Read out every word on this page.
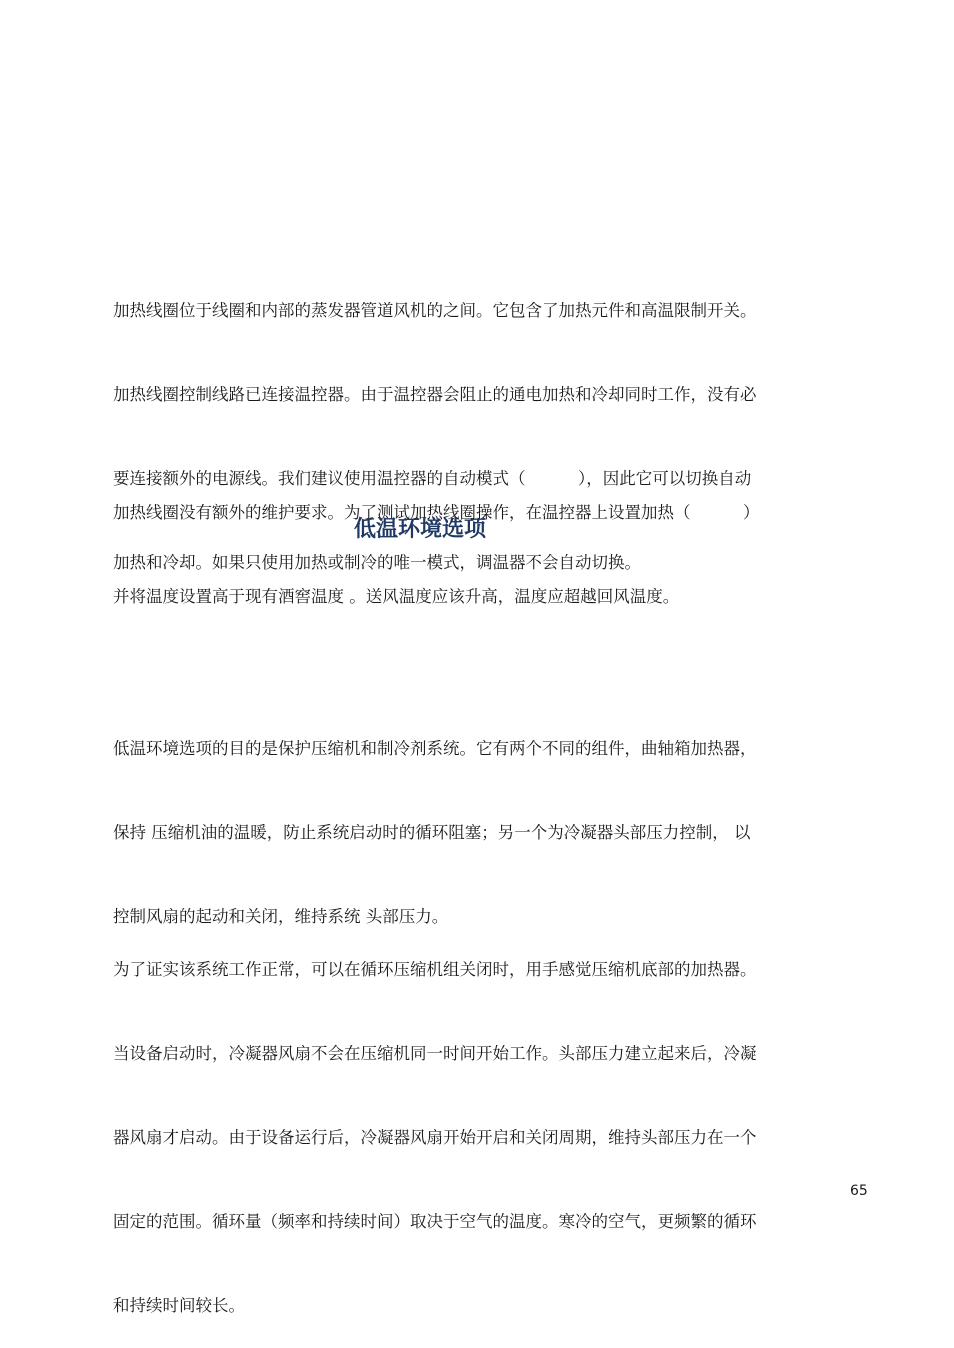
加热线圈位于线圈和内部的蒸发器管道风机的之间。它包含了加热元件和高温限制开关。

加热线圈控制线路已连接温控器。由于温控器会阻止的通电加热和冷却同时工作，没有必

要连接额外的电源线。我们建议使用温控器的自动模式（          ），因此它可以切换自动

加热和冷却。如果只使用加热或制冷的唯一模式，调温器不会自动切换。

加热线圈没有额外的维护要求。为了测试加热线圈操作，在温控器上设置加热（          ）

并将温度设置高于现有酒窖温度 。送风温度应该升高，温度应超越回风温度。

低温环境选项

低温环境选项的目的是保护压缩机和制冷剂系统。它有两个不同的组件，曲轴箱加热器，

保持 压缩机油的温暖，防止系统启动时的循环阻塞；另一个为冷凝器头部压力控制， 以

控制风扇的起动和关闭，维持系统 头部压力。

为了证实该系统工作正常，可以在循环压缩机组关闭时，用手感觉压缩机底部的加热器。

当设备启动时，冷凝器风扇不会在压缩机同一时间开始工作。头部压力建立起来后，冷凝

器风扇才启动。由于设备运行后，冷凝器风扇开始开启和关闭周期，维持头部压力在一个

固定的范围。循环量（频率和持续时间）取决于空气的温度。寒冷的空气，更频繁的循环

和持续时间较长。

65
